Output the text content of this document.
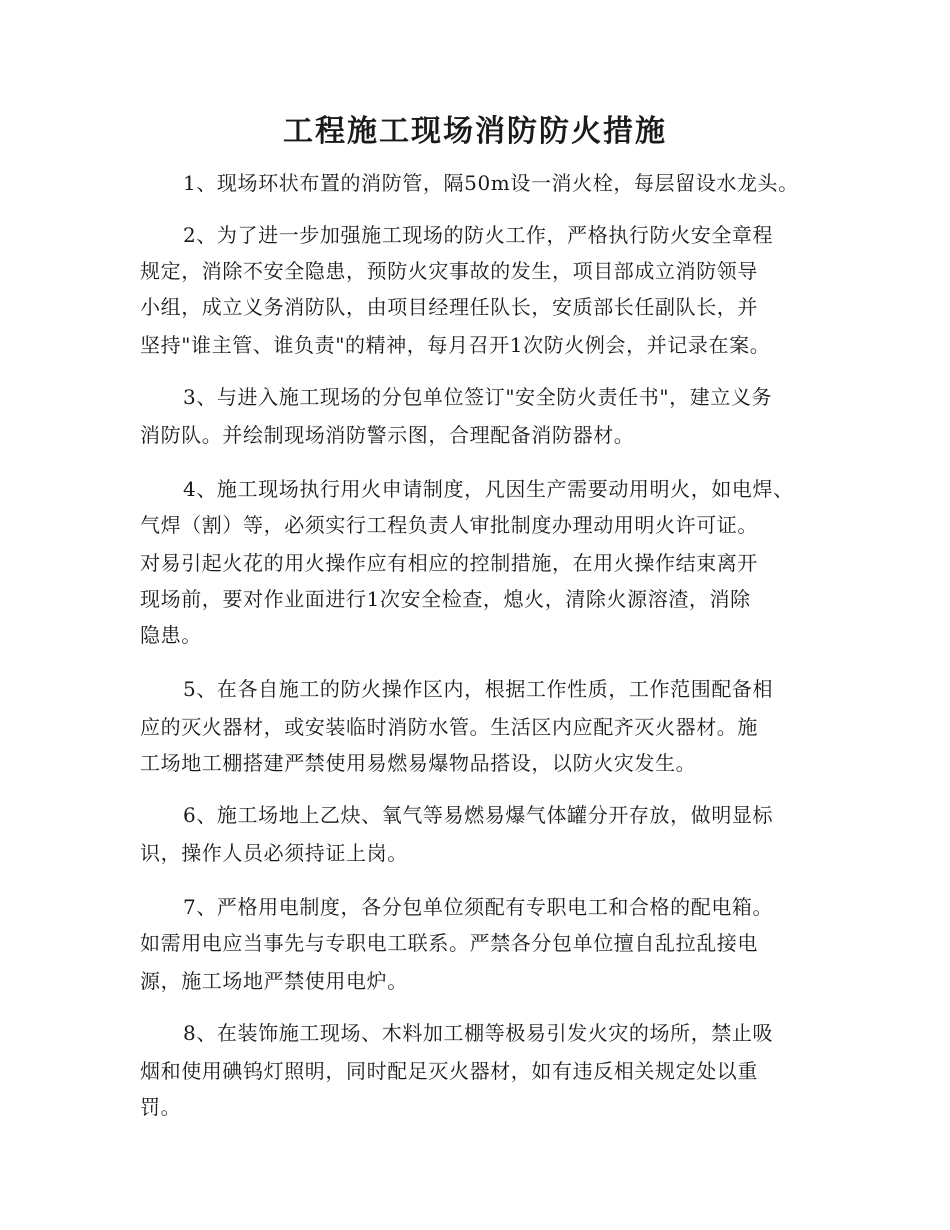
工程施工现场消防防火措施
1、现场环状布置的消防管，隔50m设一消火栓，每层留设水龙头。
2、为了进一步加强施工现场的防火工作，严格执行防火安全章程
规定，消除不安全隐患，预防火灾事故的发生，项目部成立消防领导
小组，成立义务消防队，由项目经理任队长，安质部长任副队长，并
坚持"谁主管、谁负责"的精神，每月召开1次防火例会，并记录在案。
3、与进入施工现场的分包单位签订"安全防火责任书"，建立义务
消防队。并绘制现场消防警示图，合理配备消防器材。
4、施工现场执行用火申请制度，凡因生产需要动用明火，如电焊、
气焊（割）等，必须实行工程负责人审批制度办理动用明火许可证。
对易引起火花的用火操作应有相应的控制措施，在用火操作结束离开
现场前，要对作业面进行1次安全检查，熄火，清除火源溶渣，消除
隐患。
5、在各自施工的防火操作区内，根据工作性质，工作范围配备相
应的灭火器材，或安装临时消防水管。生活区内应配齐灭火器材。施
工场地工棚搭建严禁使用易燃易爆物品搭设，以防火灾发生。
6、施工场地上乙炔、氧气等易燃易爆气体罐分开存放，做明显标
识，操作人员必须持证上岗。
7、严格用电制度，各分包单位须配有专职电工和合格的配电箱。
如需用电应当事先与专职电工联系。严禁各分包单位擅自乱拉乱接电
源，施工场地严禁使用电炉。
8、在装饰施工现场、木料加工棚等极易引发火灾的场所，禁止吸
烟和使用碘钨灯照明，同时配足灭火器材，如有违反相关规定处以重
罚。
